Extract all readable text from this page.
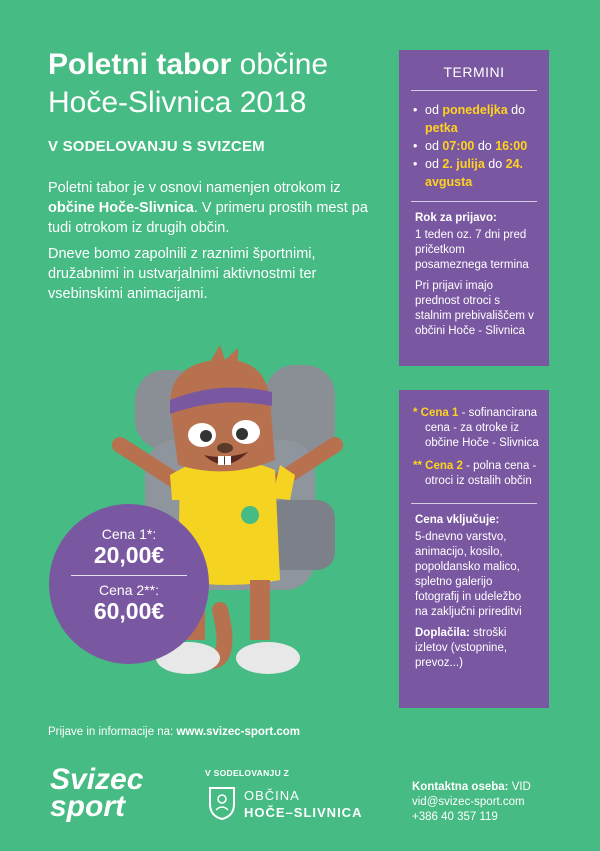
Poletni tabor občine
Hoče-Slivnica 2018
V SODELOVANJU S SVIZCEM

Poletni tabor je v osnovi namenjen otrokom iz občine Hoče-Slivnica. V primeru prostih mest pa tudi otrokom iz drugih občin.

Dneve bomo zapolnili z raznimi športnimi, družabnimi in ustvarjalnimi aktivnostmi ter vsebinskimi animacijami.

TERMINI
• od ponedeljka do petka
• od 07:00 do 16:00
• od 2. julija do 24. avgusta

Rok za prijavo:

1 teden oz. 7 dni pred pričetkom posameznega termina

Pri prijavi imajo prednost otroci s stalnim prebivališčem v občini Hoče - Slivnica

* Cena 1 - sofinancirana cena - za otroke iz občine Hoče - Slivnica

** Cena 2 - polna cena - otroci iz ostalih občin

Cena vključuje:

5-dnevno varstvo, animacijo, kosilo, popoldansko malico, spletno galerijo fotografij in udeležbo na zaključni prireditvi

Doplačila: stroški izletov (vstopnine, prevoz...)

Cena 1*:
20,00€
Cena 2**:
60,00€
Prijave in informacije na: www.svizec-sport.com
Svizec
sport
V SODELOVANJU Z
OBČINA
HOČE–SLIVNICA
Kontaktna oseba: VID
vid@svizec-sport.com
+386 40 357 119
